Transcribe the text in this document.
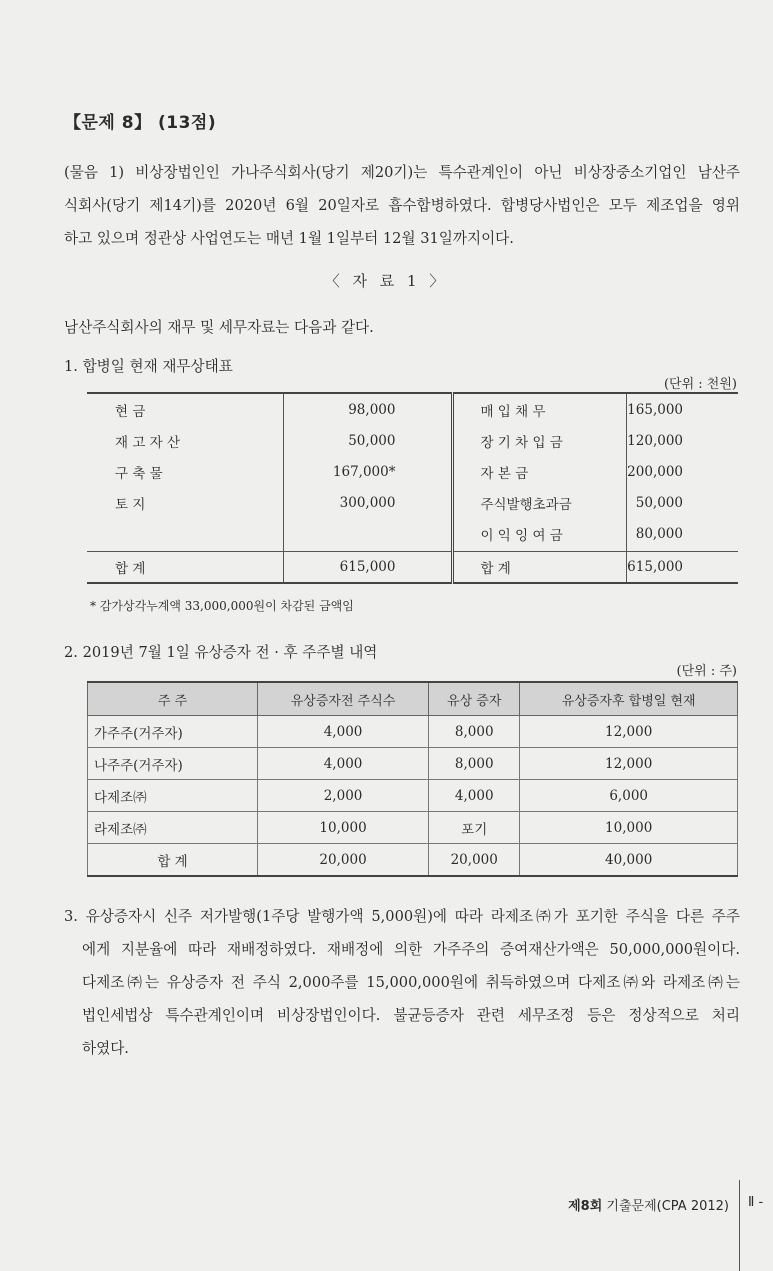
【문제 8】 (13점)
(물음 1) 비상장법인인 가나주식회사(당기 제20기)는 특수관계인이 아닌 비상장중소기업인 남산주
식회사(당기 제14기)를 2020년 6월 20일자로 흡수합병하였다. 합병당사법인은 모두 제조업을 영위
하고 있으며 정관상 사업연도는 매년 1월 1일부터 12월 31일까지이다.
〈 자 료 1 〉
남산주식회사의 재무 및 세무자료는 다음과 같다.
1. 합병일 현재 재무상태표
(단위 : 천원)
현 금	98,000	매 입 채 무	165,000
재 고 자 산	50,000	장 기 차 입 금	120,000
구 축 물	167,000*	자 본 금	200,000
토 지	300,000	주식발행초과금	50,000
		이 익 잉 여 금	80,000
합 계	615,000	합 계	615,000
* 감가상각누계액 33,000,000원이 차감된 금액임
2. 2019년 7월 1일 유상증자 전 · 후 주주별 내역
(단위 : 주)
주 주	유상증자전 주식수	유상 증자	유상증자후 합병일 현재
가주주(거주자)	4,000	8,000	12,000
나주주(거주자)	4,000	8,000	12,000
다제조㈜	2,000	4,000	6,000
라제조㈜	10,000	포기	10,000
합 계	20,000	20,000	40,000
3. 유상증자시 신주 저가발행(1주당 발행가액 5,000원)에 따라 라제조㈜가 포기한 주식을 다른 주주
에게 지분율에 따라 재배정하였다. 재배정에 의한 가주주의 증여재산가액은 50,000,000원이다.
다제조㈜는 유상증자 전 주식 2,000주를 15,000,000원에 취득하였으며 다제조㈜와 라제조㈜는
법인세법상 특수관계인이며 비상장법인이다. 불균등증자 관련 세무조정 등은 정상적으로 처리
하였다.
제8회 기출문제(CPA 2012) Ⅱ -
